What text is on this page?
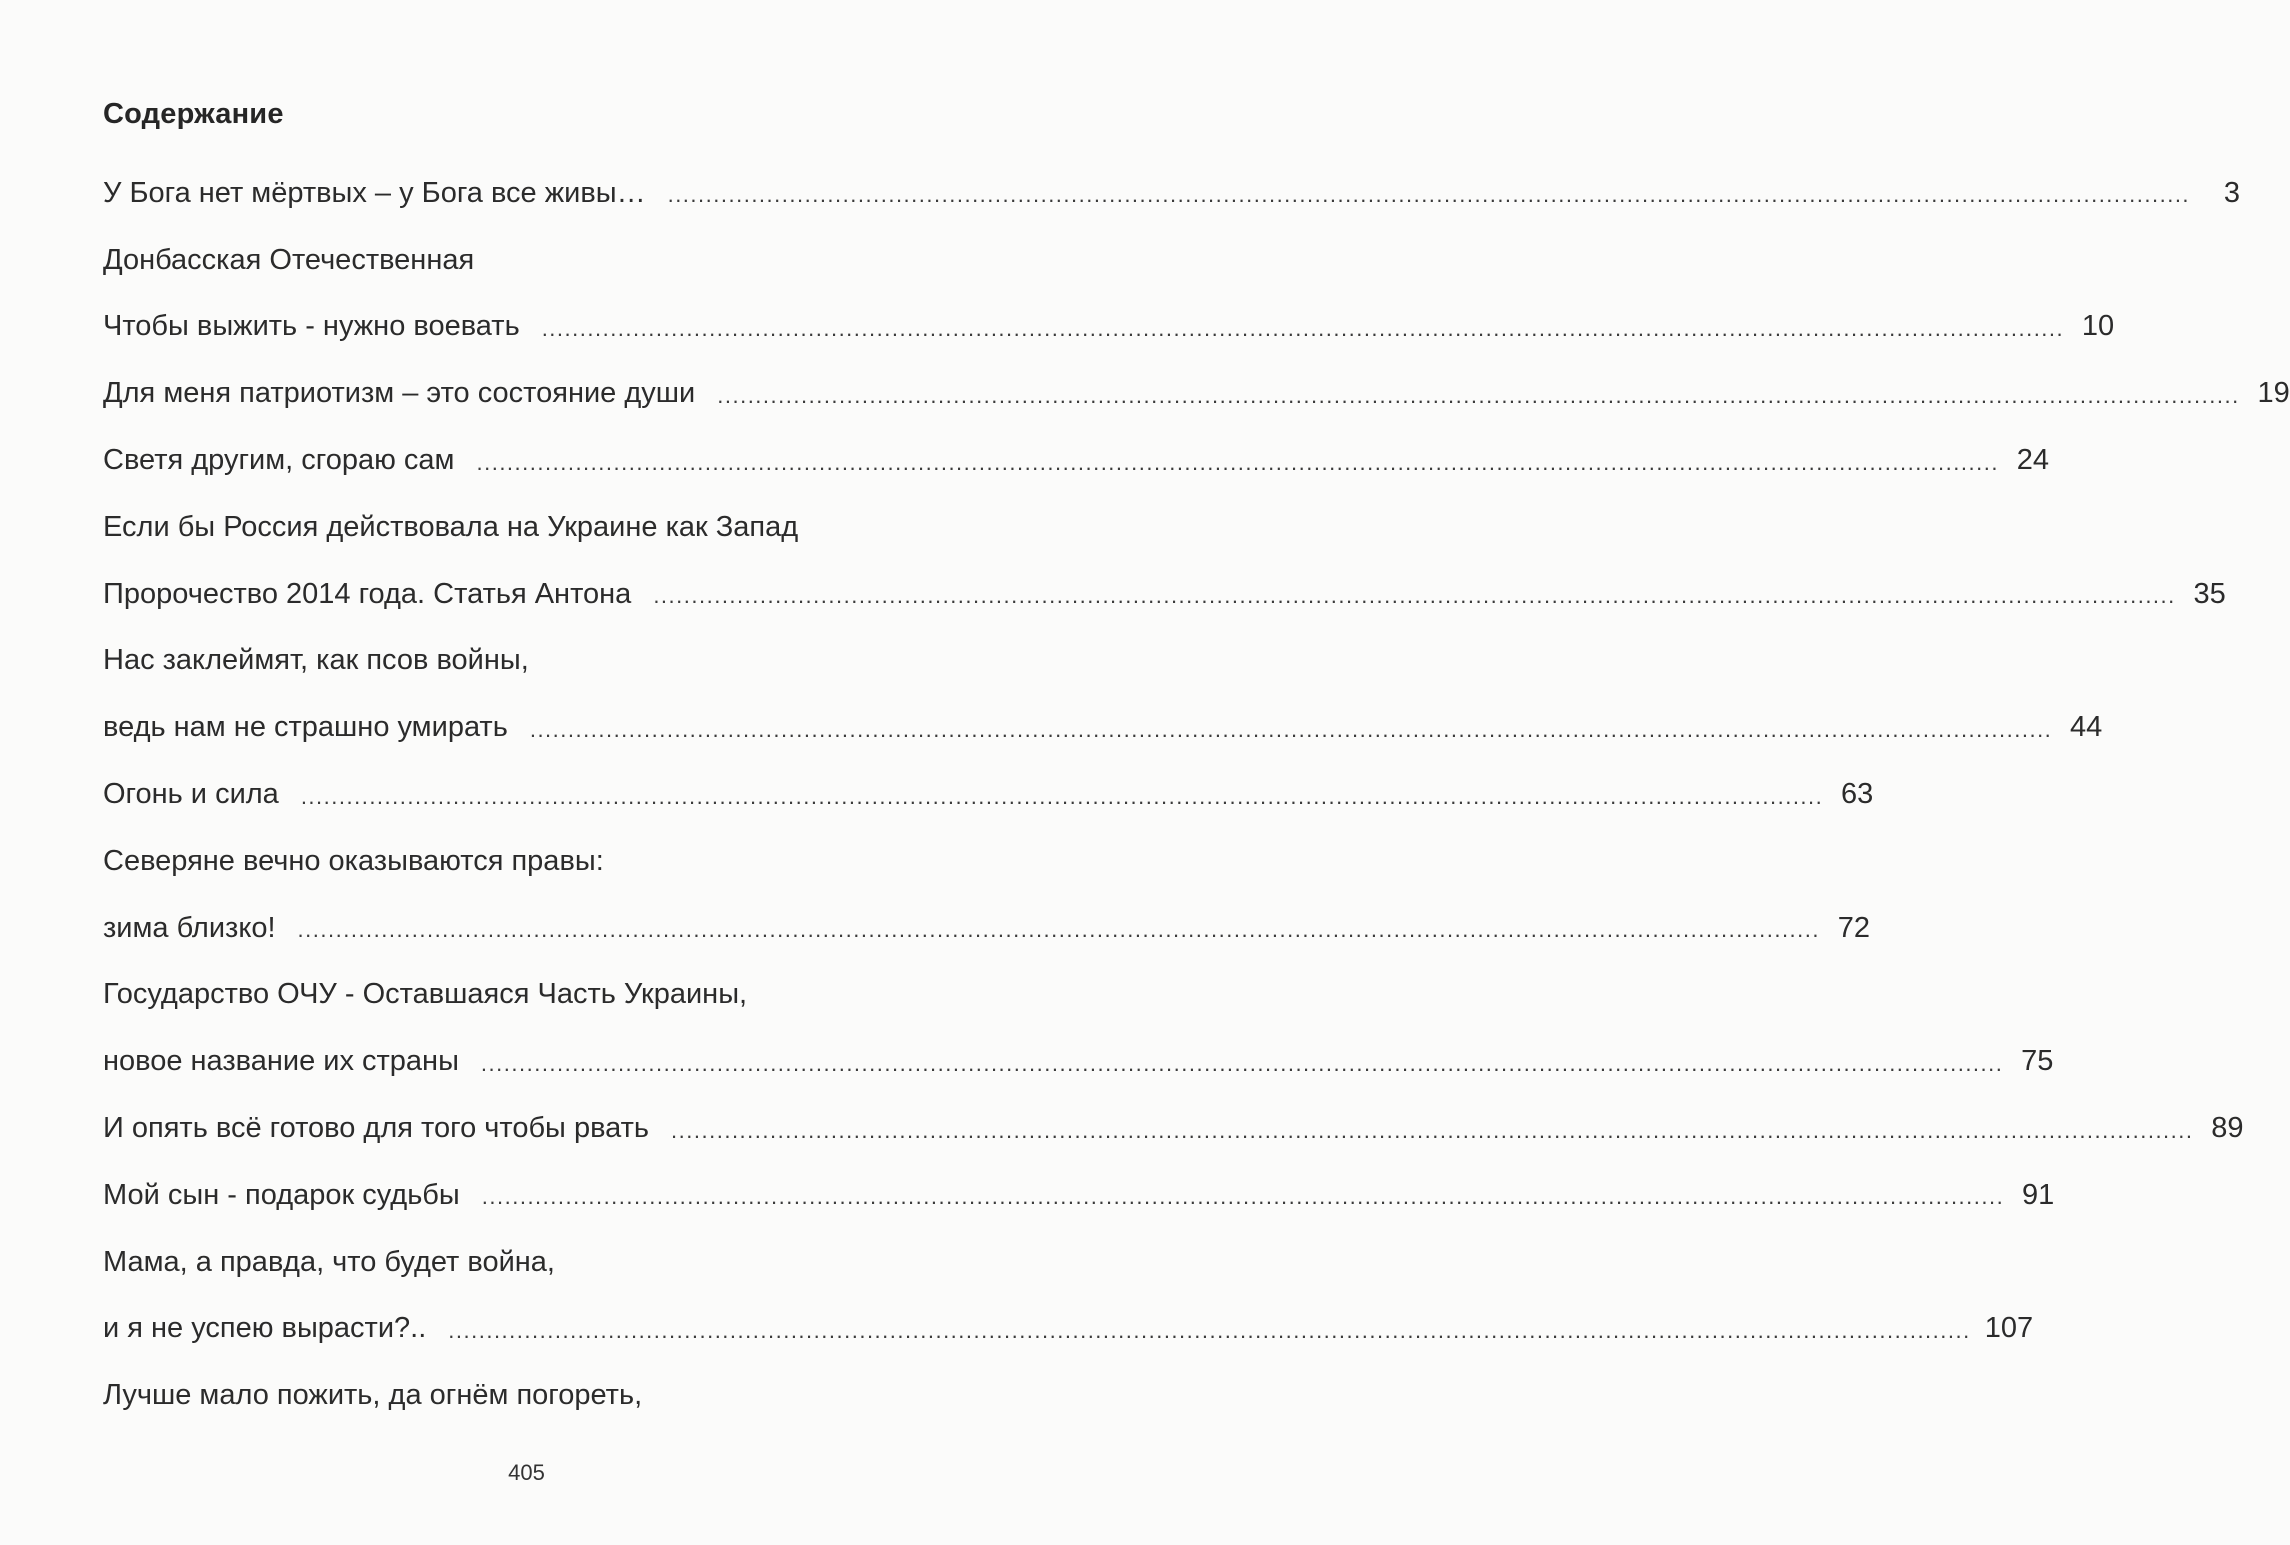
Содержание
У Бога нет мёртвых – у Бога все живы… ........................................................................................................................................................................................................	3
Донбасская Отечественная
Чтобы выжить - нужно воевать ........................................................................................................................................................................................................ 10
Для меня патриотизм – это состояние души ........................................................................................................................................................................................................ 19
Светя другим, сгораю сам ........................................................................................................................................................................................................ 24
Если бы Россия действовала на Украине как Запад
Пророчество 2014 года. Статья Антона ........................................................................................................................................................................................................ 35
Нас заклеймят, как псов войны,
ведь нам не страшно умирать ........................................................................................................................................................................................................ 44
Огонь и сила ........................................................................................................................................................................................................ 63
Северяне вечно оказываются правы:
зима близко! ........................................................................................................................................................................................................ 72
Государство ОЧУ - Оставшаяся Часть Украины,
новое название их страны ........................................................................................................................................................................................................ 75
И опять всё готово для того чтобы рвать ........................................................................................................................................................................................................ 89
Мой сын - подарок судьбы ........................................................................................................................................................................................................ 91
Мама, а правда, что будет война,
и я не успею вырасти?.. ........................................................................................................................................................................................................ 107
Лучше мало пожить, да огнём погореть,
405
